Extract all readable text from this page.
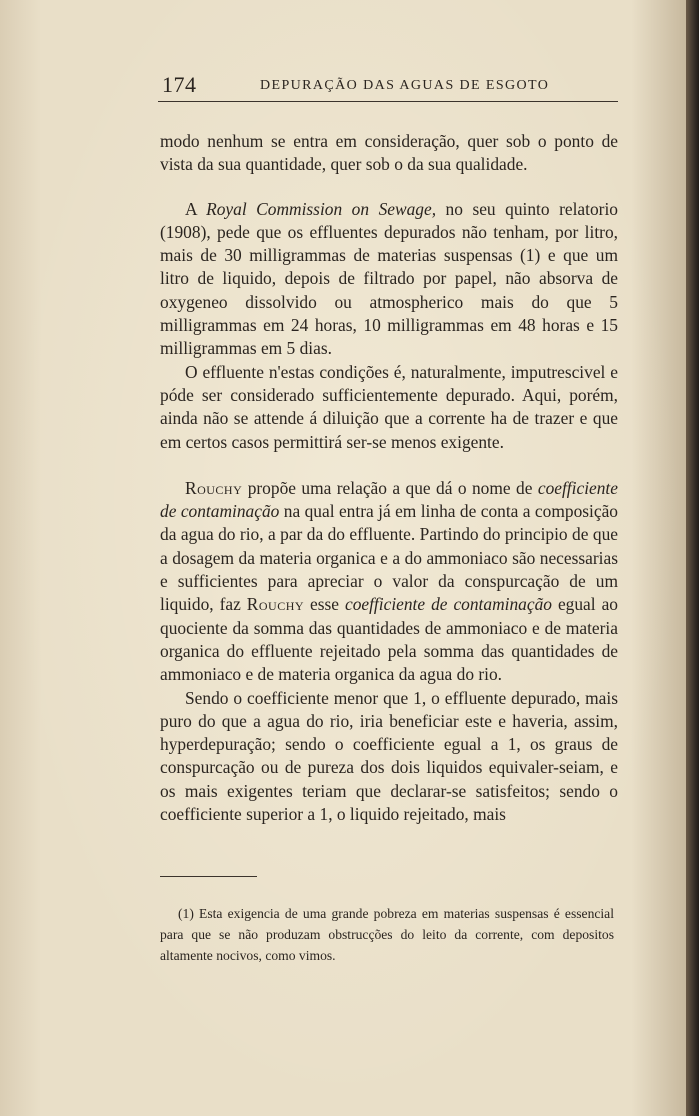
174	DEPURAÇÃO DAS AGUAS DE ESGOTO

modo nenhum se entra em consideração, quer sob o ponto de vista da sua quantidade, quer sob o da sua qualidade.

A Royal Commission on Sewage, no seu quinto relatorio (1908), pede que os effluentes depurados não tenham, por litro, mais de 30 milligrammas de materias suspensas (1) e que um litro de liquido, depois de filtrado por papel, não absorva de oxygeneo dissolvido ou atmospherico mais do que 5 milligrammas em 24 horas, 10 milligrammas em 48 horas e 15 milligrammas em 5 dias.

O effluente n'estas condições é, naturalmente, imputrescivel e póde ser considerado sufficientemente depurado. Aqui, porém, ainda não se attende á diluição que a corrente ha de trazer e que em certos casos permittirá ser-se menos exigente.

Rouchy propõe uma relação a que dá o nome de coefficiente de contaminação na qual entra já em linha de conta a composição da agua do rio, a par da do effluente. Partindo do principio de que a dosagem da materia organica e a do ammoniaco são necessarias e sufficientes para apreciar o valor da conspurcação de um liquido, faz Rouchy esse coefficiente de contaminação egual ao quociente da somma das quantidades de ammoniaco e de materia organica do effluente rejeitado pela somma das quantidades de ammoniaco e de materia organica da agua do rio.

Sendo o coefficiente menor que 1, o effluente depurado, mais puro do que a agua do rio, iria beneficiar este e haveria, assim, hyperdepuração; sendo o coefficiente egual a 1, os graus de conspurcação ou de pureza dos dois liquidos equivaler-seiam, e os mais exigentes teriam que declarar-se satisfeitos; sendo o coefficiente superior a 1, o liquido rejeitado, mais

(1) Esta exigencia de uma grande pobreza em materias suspensas é essencial para que se não produzam obstrucções do leito da corrente, com depositos altamente nocivos, como vimos.
